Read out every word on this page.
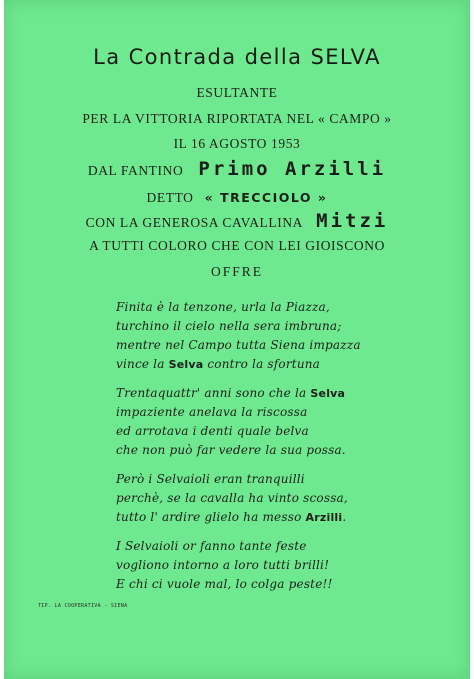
La Contrada della SELVA
ESULTANTE
PER LA VITTORIA RIPORTATA NEL « CAMPO »
IL 16 AGOSTO 1953
DAL FANTINO Primo Arzilli
DETTO « TRECCIOLO »
CON LA GENEROSA CAVALLINA Mitzi
A TUTTI COLORO CHE CON LEI GIOISCONO
OFFRE
Finita è la tenzone, urla la Piazza,
turchino il cielo nella sera imbruna;
mentre nel Campo tutta Siena impazza
vince la Selva contro la sfortuna
Trentaquattr' anni sono che la Selva
impaziente anelava la riscossa
ed arrotava i denti quale belva
che non può far vedere la sua possa.
Però i Selvaioli eran tranquilli
perchè, se la cavalla ha vinto scossa,
tutto l' ardire glielo ha messo Arzilli.
I Selvaioli or fanno tante feste
vogliono intorno a loro tutti brilli!
E chi ci vuole mal, lo colga peste!!
TIP. LA COOPERATIVA - SIENA
